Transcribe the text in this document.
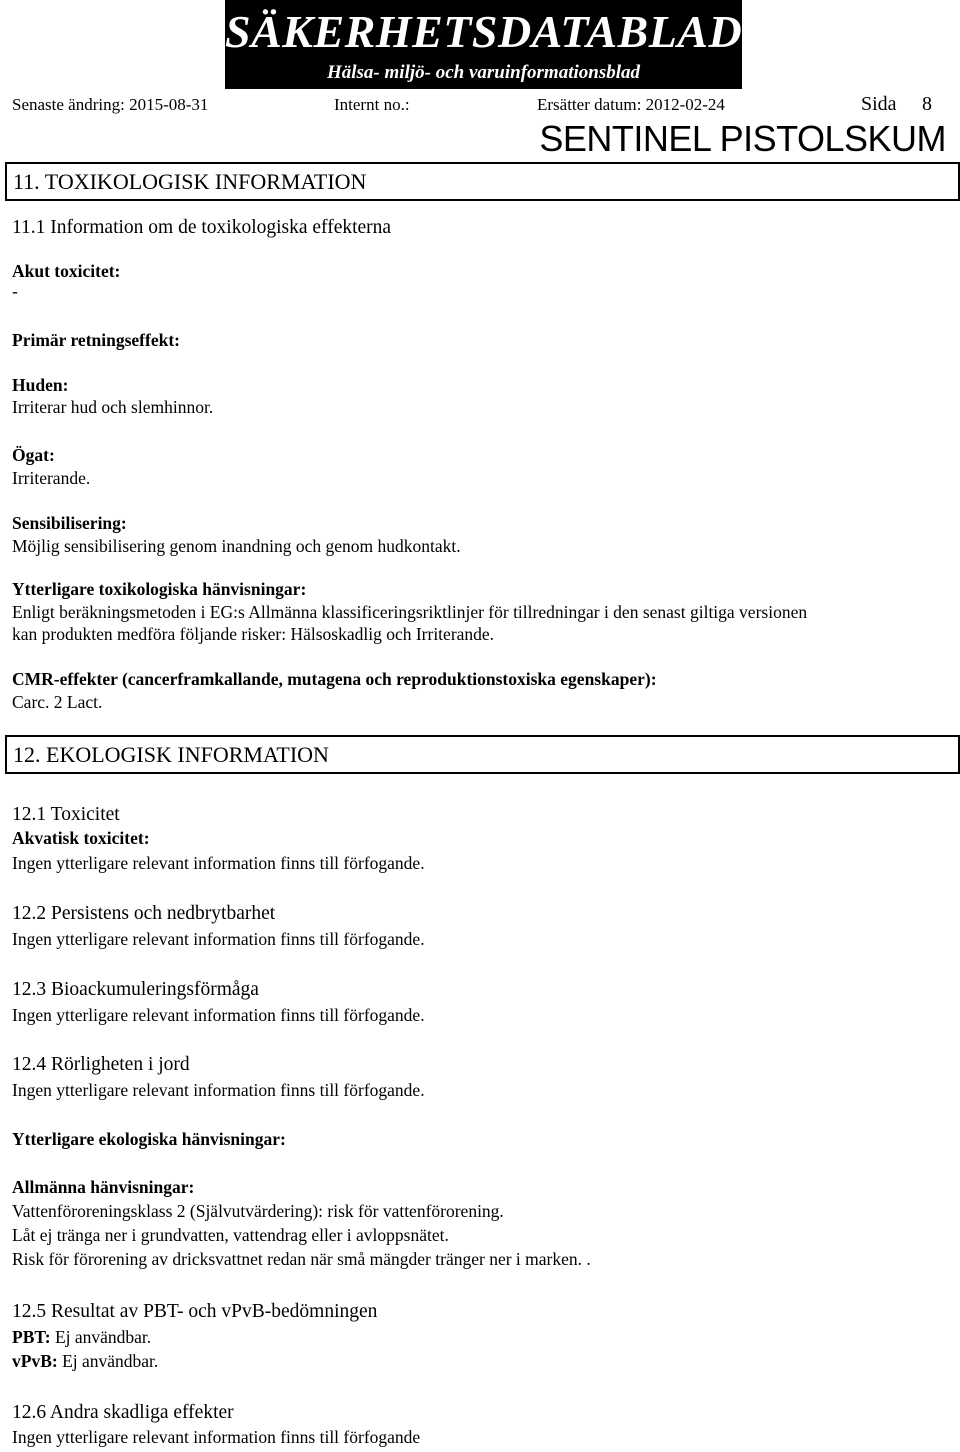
SÄKERHETSDATABLAD
Hälsa- miljö- och varuinformationsblad
Senaste ändring: 2015-08-31	Internt no.:	Ersätter datum: 2012-02-24	Sida 8
SENTINEL PISTOLSKUM
11. TOXIKOLOGISK INFORMATION
11.1 Information om de toxikologiska effekterna
Akut toxicitet:
-
Primär retningseffekt:
Huden:
Irriterar hud och slemhinnor.
Ögat:
Irriterande.
Sensibilisering:
Möjlig sensibilisering genom inandning och genom hudkontakt.
Ytterligare toxikologiska hänvisningar:
Enligt beräkningsmetoden i EG:s Allmänna klassificeringsriktlinjer för tillredningar i den senast giltiga versionen
kan produkten medföra följande risker: Hälsoskadlig och Irriterande.
CMR-effekter (cancerframkallande, mutagena och reproduktionstoxiska egenskaper):
Carc. 2 Lact.
12. EKOLOGISK INFORMATION
12.1 Toxicitet
Akvatisk toxicitet:
Ingen ytterligare relevant information finns till förfogande.
12.2 Persistens och nedbrytbarhet
Ingen ytterligare relevant information finns till förfogande.
12.3 Bioackumuleringsförmåga
Ingen ytterligare relevant information finns till förfogande.
12.4 Rörligheten i jord
Ingen ytterligare relevant information finns till förfogande.
Ytterligare ekologiska hänvisningar:
Allmänna hänvisningar:
Vattenföroreningsklass 2 (Självutvärdering): risk för vattenförorening.
Låt ej tränga ner i grundvatten, vattendrag eller i avloppsnätet.
Risk för förorening av dricksvattnet redan när små mängder tränger ner i marken. .
12.5 Resultat av PBT- och vPvB-bedömningen
PBT: Ej användbar.
vPvB: Ej användbar.
12.6 Andra skadliga effekter
Ingen ytterligare relevant information finns till förfogande
